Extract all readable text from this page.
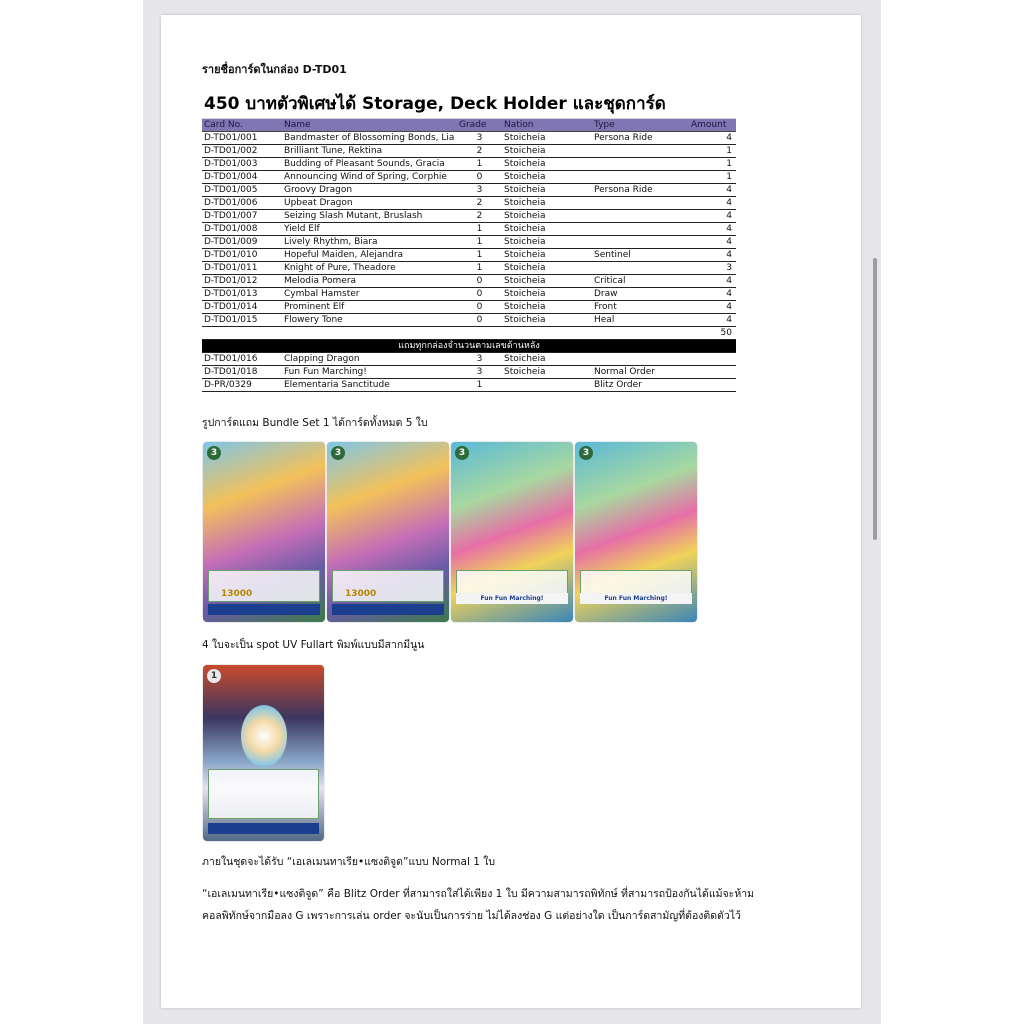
รายชื่อการ์ดในกล่อง D-TD01
450 บาทตัวพิเศษได้ Storage, Deck Holder และชุดการ์ด
Card No.	Name	Grade	Nation	Type	Amount
D-TD01/001	Bandmaster of Blossoming Bonds, Lia	3	Stoicheia	Persona Ride	4
D-TD01/002	Brilliant Tune, Rektina	2	Stoicheia		1
D-TD01/003	Budding of Pleasant Sounds, Gracia	1	Stoicheia		1
D-TD01/004	Announcing Wind of Spring, Corphie	0	Stoicheia		1
D-TD01/005	Groovy Dragon	3	Stoicheia	Persona Ride	4
D-TD01/006	Upbeat Dragon	2	Stoicheia		4
D-TD01/007	Seizing Slash Mutant, Bruslash	2	Stoicheia		4
D-TD01/008	Yield Elf	1	Stoicheia		4
D-TD01/009	Lively Rhythm, Biara	1	Stoicheia		4
D-TD01/010	Hopeful Maiden, Alejandra	1	Stoicheia	Sentinel	4
D-TD01/011	Knight of Pure, Theadore	1	Stoicheia		3
D-TD01/012	Melodia Pomera	0	Stoicheia	Critical	4
D-TD01/013	Cymbal Hamster	0	Stoicheia	Draw	4
D-TD01/014	Prominent Elf	0	Stoicheia	Front	4
D-TD01/015	Flowery Tone	0	Stoicheia	Heal	4
					50
แถมทุกกล่องจำนวนตามเลขด้านหลัง					
D-TD01/016	Clapping Dragon	3	Stoicheia		
D-TD01/018	Fun Fun Marching!	3	Stoicheia	Normal Order	
D-PR/0329	Elementaria Sanctitude	1		Blitz Order	
รูปการ์ดแถม Bundle Set 1 ได้การ์ดทั้งหมด 5 ใบ
3
13000
3
13000
3
Fun Fun Marching!
3
Fun Fun Marching!
4 ใบจะเป็น spot UV Fullart พิมพ์แบบมีสากมีนูน
1
ภายในชุดจะได้รับ “เอเลเมนทาเรีย•แซงติจูด”แบบ Normal 1 ใบ
“เอเลเมนทาเรีย•แซงติจูด” คือ Blitz Order ที่สามารถใส่ได้เพียง 1 ใบ มีความสามารถพิทักษ์ ที่สามารถป้องกันได้แม้จะห้าม
คอลพิทักษ์จากมือลง G เพราะการเล่น order จะนับเป็นการร่าย ไม่ได้ลงช่อง G แต่อย่างใด เป็นการ์ดสามัญที่ต้องติดตัวไว้
